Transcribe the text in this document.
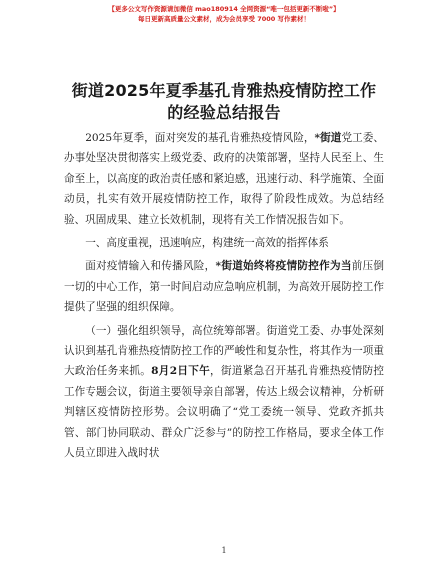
【更多公文写作资源请加微信 mao180914 全网资源“唯一包括更新不断啦”】
每日更新高质量公文素材，成为会员享受 7000 写作素材！
街道2025年夏季基孔肯雅热疫情防控工作的经验总结报告

2025年夏季，面对突发的基孔肯雅热疫情风险，*街道党工委、办事处坚决贯彻落实上级党委、政府的决策部署，坚持人民至上、生命至上，以高度的政治责任感和紧迫感，迅速行动、科学施策、全面动员，扎实有效开展疫情防控工作，取得了阶段性成效。为总结经验、巩固成果、建立长效机制，现将有关工作情况报告如下。

一、高度重视，迅速响应，构建统一高效的指挥体系

面对疫情输入和传播风险，*街道始终将疫情防控作为当前压倒一切的中心工作，第一时间启动应急响应机制，为高效开展防控工作提供了坚强的组织保障。

（一）强化组织领导，高位统筹部署。街道党工委、办事处深刻认识到基孔肯雅热疫情防控工作的严峻性和复杂性，将其作为一项重大政治任务来抓。8月2日下午，街道紧急召开基孔肯雅热疫情防控工作专题会议，街道主要领导亲自部署，传达上级会议精神，分析研判辖区疫情防控形势。会议明确了“党工委统一领导、党政齐抓共管、部门协同联动、群众广泛参与”的防控工作格局，要求全体工作人员立即进入战时状

1
